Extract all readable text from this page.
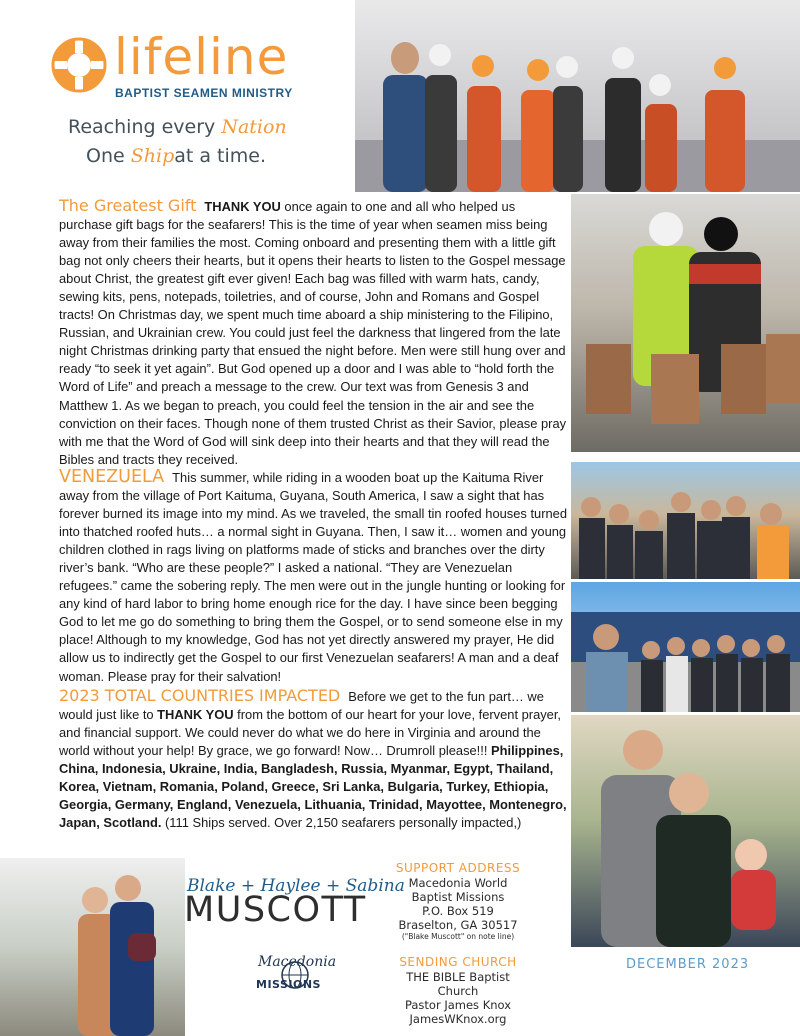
lifeline
BAPTIST SEAMEN MINISTRY
Reaching every Nation
One Shipat a time.
The Greatest Gift THANK YOU once again to one and all who helped us purchase gift bags for the seafarers! This is the time of year when seamen miss being away from their families the most. Coming onboard and presenting them with a little gift bag not only cheers their hearts, but it opens their hearts to listen to the Gospel message about Christ, the greatest gift ever given! Each bag was filled with warm hats, candy, sewing kits, pens, notepads, toiletries, and of course, John and Romans and Gospel tracts! On Christmas day, we spent much time aboard a ship ministering to the Filipino, Russian, and Ukrainian crew. You could just feel the darkness that lingered from the late night Christmas drinking party that ensued the night before. Men were still hung over and ready “to seek it yet again”. But God opened up a door and I was able to “hold forth the Word of Life” and preach a message to the crew. Our text was from Genesis 3 and Matthew 1. As we began to preach, you could feel the tension in the air and see the conviction on their faces. Though none of them trusted Christ as their Savior, please pray with me that the Word of God will sink deep into their hearts and that they will read the Bibles and tracts they received.
VENEZUELA This summer, while riding in a wooden boat up the Kaituma River away from the village of Port Kaituma, Guyana, South America, I saw a sight that has forever burned its image into my mind. As we traveled, the small tin roofed houses turned into thatched roofed huts… a normal sight in Guyana. Then, I saw it… women and young children clothed in rags living on platforms made of sticks and branches over the dirty river’s bank. “Who are these people?” I asked a national. “They are Venezuelan refugees.” came the sobering reply. The men were out in the jungle hunting or looking for any kind of hard labor to bring home enough rice for the day. I have since been begging God to let me go do something to bring them the Gospel, or to send someone else in my place! Although to my knowledge, God has not yet directly answered my prayer, He did allow us to indirectly get the Gospel to our first Venezuelan seafarers! A man and a deaf woman. Please pray for their salvation!
2023 TOTAL COUNTRIES IMPACTED Before we get to the fun part… we would just like to THANK YOU from the bottom of our heart for your love, fervent prayer, and financial support. We could never do what we do here in Virginia and around the world without your help! By grace, we go forward! Now… Drumroll please!!! Philippines, China, Indonesia, Ukraine, India, Bangladesh, Russia, Myanmar, Egypt, Thailand, Korea, Vietnam, Romania, Poland, Greece, Sri Lanka, Bulgaria, Turkey, Ethiopia, Georgia, Germany, England, Venezuela, Lithuania, Trinidad, Mayottee, Montenegro, Japan, Scotland. (111 Ships served. Over 2,150 seafarers personally impacted,)
Blake + Haylee + Sabina
MUSCOTT
Macedonia
MISSIONS
SUPPORT ADDRESS
Macedonia World
Baptist Missions
P.O. Box 519
Braselton, GA 30517
("Blake Muscott" on note line)
SENDING CHURCH
THE BIBLE Baptist Church
Pastor James Knox
JamesWKnox.org
DECEMBER 2023
